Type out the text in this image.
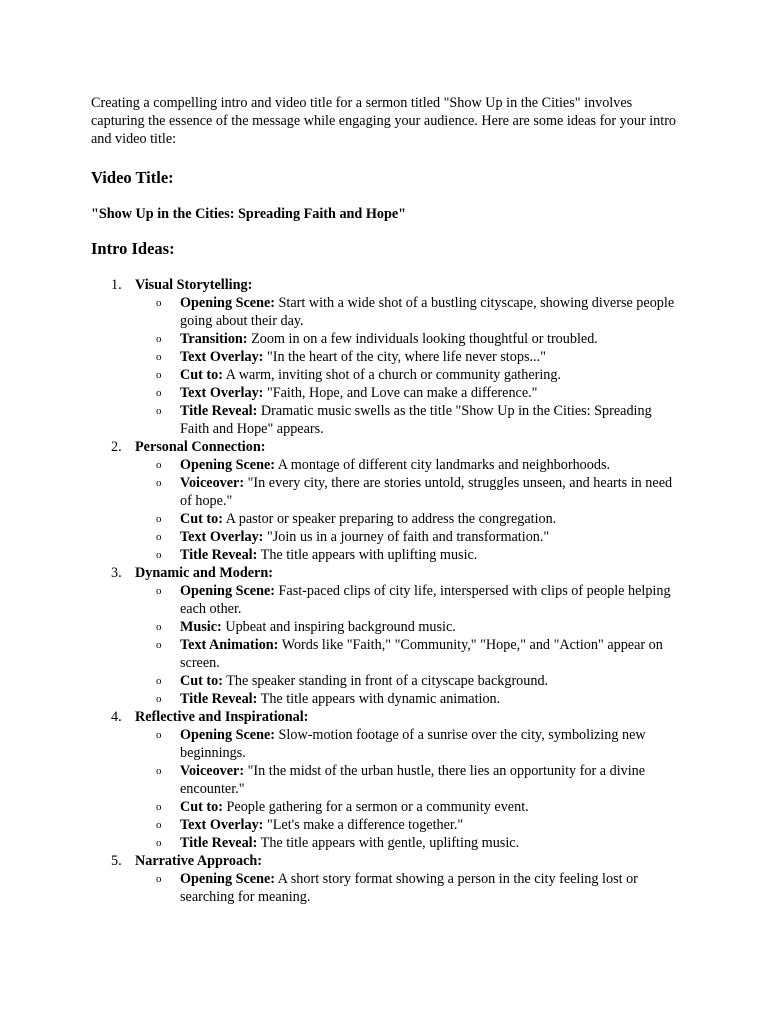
Creating a compelling intro and video title for a sermon titled "Show Up in the Cities" involves capturing the essence of the message while engaging your audience. Here are some ideas for your intro and video title:

Video Title:

"Show Up in the Cities: Spreading Faith and Hope"

Intro Ideas:
1. Visual Storytelling:
o Opening Scene: Start with a wide shot of a bustling cityscape, showing diverse people going about their day.
o Transition: Zoom in on a few individuals looking thoughtful or troubled.
o Text Overlay: "In the heart of the city, where life never stops..."
o Cut to: A warm, inviting shot of a church or community gathering.
o Text Overlay: "Faith, Hope, and Love can make a difference."
o Title Reveal: Dramatic music swells as the title "Show Up in the Cities: Spreading Faith and Hope" appears.
2. Personal Connection:
o Opening Scene: A montage of different city landmarks and neighborhoods.
o Voiceover: "In every city, there are stories untold, struggles unseen, and hearts in need of hope."
o Cut to: A pastor or speaker preparing to address the congregation.
o Text Overlay: "Join us in a journey of faith and transformation."
o Title Reveal: The title appears with uplifting music.
3. Dynamic and Modern:
o Opening Scene: Fast-paced clips of city life, interspersed with clips of people helping each other.
o Music: Upbeat and inspiring background music.
o Text Animation: Words like "Faith," "Community," "Hope," and "Action" appear on screen.
o Cut to: The speaker standing in front of a cityscape background.
o Title Reveal: The title appears with dynamic animation.
4. Reflective and Inspirational:
o Opening Scene: Slow-motion footage of a sunrise over the city, symbolizing new beginnings.
o Voiceover: "In the midst of the urban hustle, there lies an opportunity for a divine encounter."
o Cut to: People gathering for a sermon or a community event.
o Text Overlay: "Let's make a difference together."
o Title Reveal: The title appears with gentle, uplifting music.
5. Narrative Approach:
o Opening Scene: A short story format showing a person in the city feeling lost or searching for meaning.
